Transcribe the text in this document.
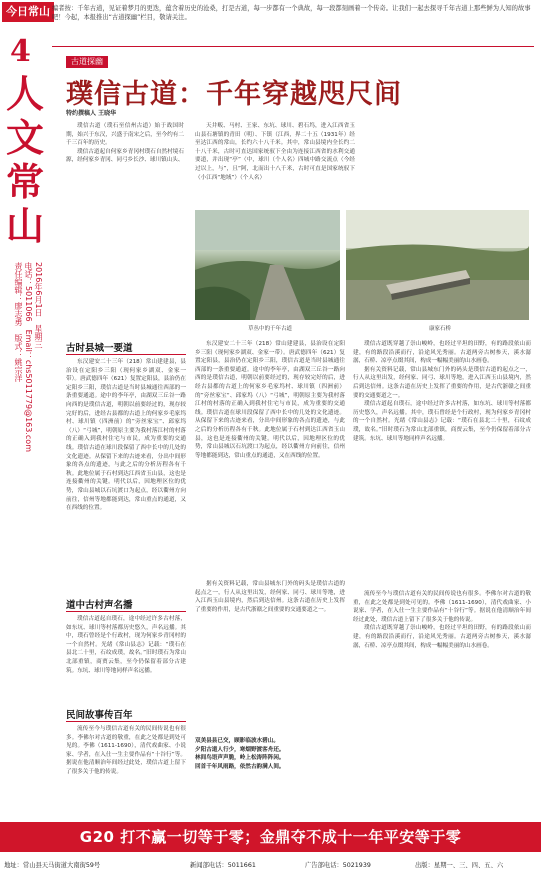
今日常山
4
人
文
常
山
2016年6月1日　星期三
电话：5011066　Email：chs5011779@163.com
责任编辑：廖志勇　版式：姚宗洋
编者按：千年古道，见证着梦月的更迭，蕴含着历史的沧桑，打是古道，每一步都有一个典故，每一段都刻画着一个传奇。让我们一起去探寻千年古道上那些鲜为人知的故事吧！今起，本报推出“古道探幽”栏目，敬请关注。
古道探幽
璞信古道：千年穿越咫尺间
特约撰稿人 王晓华

璞信古道（璞石至信州古道）始于战国时期，始兴于东汉，兴盛于南宋之后，至今约有二千三百年的历史。

璞信古道起自何家乡青冈村璞石自然村境石源，经何家乡青冈、同弓乡长沙、球川镇山头、

天井畈、马村、王家、东坑、球川、碧石坞，进入江西省玉山县石塘镇的青田（明）、下镇（江西，界二十五（1931年）经至达江西的常山，长约六十八千米。其中，常山县境内全长约二十八千米，古时可直达国家统驭下全由为连接江西省的水利交通要道，并出现“亭”（中，球川（个人名）四城中路交流点（今经过以上，与”，且”阿，北而出十八千米，古时可直是国家统驭下（小江西“地域”）（个人名）

草丛中的千年古道	康家石桥
古时县城一要道

东汉建安二十三年（218）常山建建县，县治设在定阳乡三阳（现何家乡湖双、金家一带）。唐武德四年（621）复置定阳县，县治仍在定阳乡三阳，璞信古道是当时县城通往西部的一条重要通道。途中的李年亭，由湖双三丘谷一路向西的是璞信古道，明朝以前要经过的，现存较完好的后，进经古县都的古道上的何家乡毛家坞村、球川镇（四洲前）的”旁丝家宝“、邱家坞（八）“弓城”，明朝原主要为我村落江村的村落的正确入到我村住宅与市民，成为重要的交通线。璞信古道在球川段保留了西中长中的几处的文化遗迹。从保留下来的古迹来看，分出中间形象的各点的遗迹，与此之后的分析历程各有千秋。此地位属于石村到达江西省玉山县，这也是连接衢州的关键。明代以后，因地理区位的优势，常山县城以石坑渡口为起点，经以衢州方向前往，信州等地都能到达，常山重点的通道，又在西线的位置。

道中古村声名播

璞信古道起自璞石，途中经过许多古村落，如东坑、球川等村落都历史悠久，声名远播。其中，璞石曾经是个行政村，现为何家乡青冈村的一个自然村。光绪《常山县志》记载：“璞石在县北二十里，石纹成璞，故名。”旧时璞石为常山北部重镇，商贾云集，至今仍保留着部分古建筑。东坑、球川等地同样声名远播。

民间故事传百年

流传至今与璞信古道有关的民间传说也有很多。李佛尔对古道的敬重，在此之处都是到处可见的。李佛（1611-1690），清代戏曲家、小说家、学者，在入仕一生主要作品有“十谷行”等。据说在他清顺治年间经过此处，璞信古道上留下了很多关于他的传说。

东汉建安二十三年（218）常山建建县，县治设在定阳乡三阳（现何家乡湖双、金家一带）。唐武德四年（621）复置定阳县，县治仍在定阳乡三阳，璞信古道是当时县城通往西部的一条重要通道。途中的李年亭，由湖双三丘谷一路向西的是璞信古道，明朝以前要经过的，现存较完好的后，进经古县都的古道上的何家乡毛家坞村、球川镇（四洲前）的”旁丝家宝“、邱家坞（八）“弓城”，明朝原主要为我村落江村的村落的正确入到我村住宅与市民，成为重要的交通线。璞信古道在球川段保留了西中长中的几处的文化遗迹。从保留下来的古迹来看，分出中间形象的各点的遗迹，与此之后的分析历程各有千秋。此地位属于石村到达江西省玉山县，这也是连接衢州的关键。明代以后，因地理区位的优势，常山县城以石坑渡口为起点，经以衢州方向前往，信州等地都能到达，常山重点的通道，又在西线的位置。

据有关资料记载，常山县城东门外的码头是璞信古道的起点之一，行人从这里出发，经何家、同弓、球川等地，进入江西玉山县境内，然后到达信州。这条古道在历史上发挥了重要的作用，是古代浙赣之间重要的交通要道之一。

璞信古道既穿越了崇山峻岭，也经过平坦的田野，有的路段依山而建，有的路段沿溪而行，沿途风光秀丽。古道两旁古树参天，溪水潺潺，石桥、凉亭点缀其间，构成一幅幅美丽的山水画卷。

据有关资料记载，常山县城东门外的码头是璞信古道的起点之一，行人从这里出发，经何家、同弓、球川等地，进入江西玉山县境内，然后到达信州。这条古道在历史上发挥了重要的作用，是古代浙赣之间重要的交通要道之一。

璞信古道起自璞石，途中经过许多古村落，如东坑、球川等村落都历史悠久，声名远播。其中，璞石曾经是个行政村，现为何家乡青冈村的一个自然村。光绪《常山县志》记载：“璞石在县北二十里，石纹成璞，故名。”旧时璞石为常山北部重镇，商贾云集，至今仍保留着部分古建筑。东坑、球川等地同样声名远播。

双美县县已交，顾影临波水碧山。
夕阳古道人行少，寒烟野渡客舟还。
林间鸟语声声脆，岭上松涛阵阵闲。
回首千年风雨路，依然古韵满人间。

流传至今与璞信古道有关的民间传说也有很多。李佛尔对古道的敬重，在此之处都是到处可见的。李佛（1611-1690），清代戏曲家、小说家、学者，在入仕一生主要作品有“十谷行”等。据说在他清顺治年间经过此处，璞信古道上留下了很多关于他的传说。

璞信古道既穿越了崇山峻岭，也经过平坦的田野，有的路段依山而建，有的路段沿溪而行，沿途风光秀丽。古道两旁古树参天，溪水潺潺，石桥、凉亭点缀其间，构成一幅幅美丽的山水画卷。

G20 打不赢一切等于零；金鼎夺不成十一年平安等于零
地址：常山县天马街道大南街59号	新闻部电话：5011661	广告部电话：5021939	出版：星期一、三、四、五、六
